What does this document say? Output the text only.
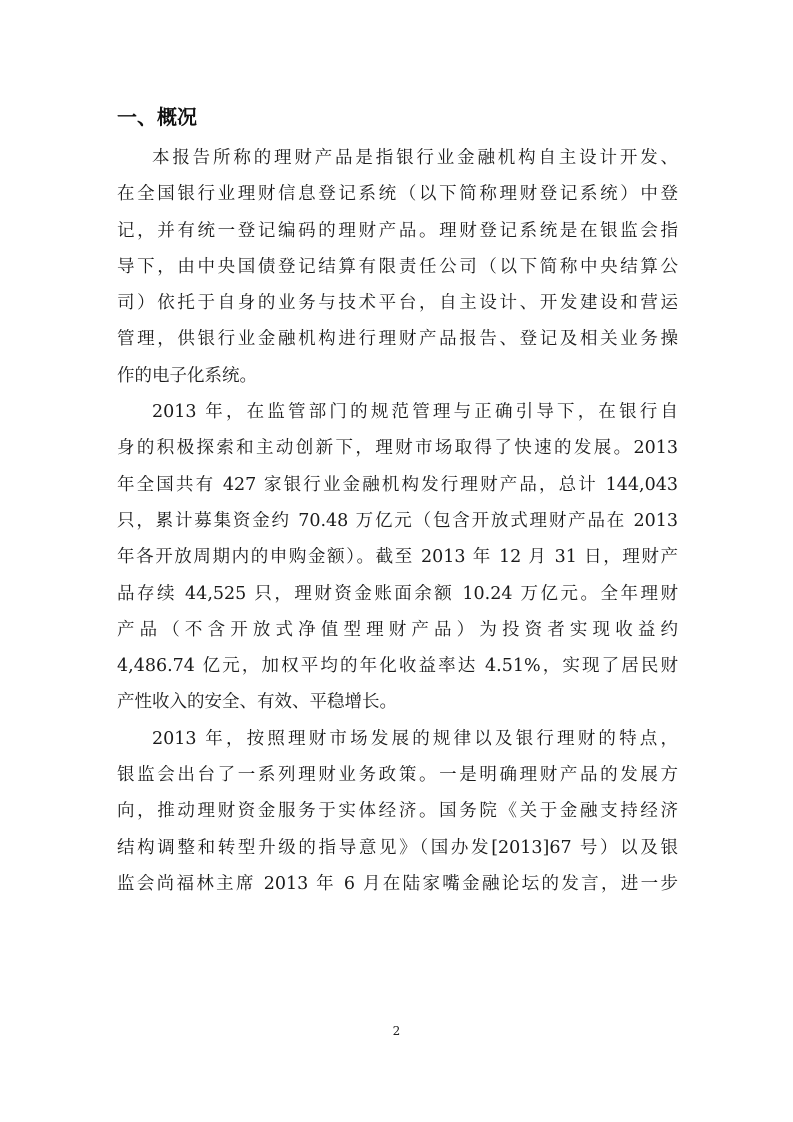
一、概况
本报告所称的理财产品是指银行业金融机构自主设计开发、
在全国银行业理财信息登记系统（以下简称理财登记系统）中登
记，并有统一登记编码的理财产品。理财登记系统是在银监会指
导下，由中央国债登记结算有限责任公司（以下简称中央结算公
司）依托于自身的业务与技术平台，自主设计、开发建设和营运
管理，供银行业金融机构进行理财产品报告、登记及相关业务操
作的电子化系统。
2013 年，在监管部门的规范管理与正确引导下，在银行自
身的积极探索和主动创新下，理财市场取得了快速的发展。2013
年全国共有 427 家银行业金融机构发行理财产品，总计 144,043
只，累计募集资金约 70.48 万亿元（包含开放式理财产品在 2013
年各开放周期内的申购金额）。截至 2013 年 12 月 31 日，理财产
品存续 44,525 只，理财资金账面余额 10.24 万亿元。全年理财
产品（不含开放式净值型理财产品）为投资者实现收益约
4,486.74 亿元，加权平均的年化收益率达 4.51%，实现了居民财
产性收入的安全、有效、平稳增长。
2013 年，按照理财市场发展的规律以及银行理财的特点，
银监会出台了一系列理财业务政策。一是明确理财产品的发展方
向，推动理财资金服务于实体经济。国务院《关于金融支持经济
结构调整和转型升级的指导意见》（国办发[2013]67 号）以及银
监会尚福林主席 2013 年 6 月在陆家嘴金融论坛的发言，进一步
2
